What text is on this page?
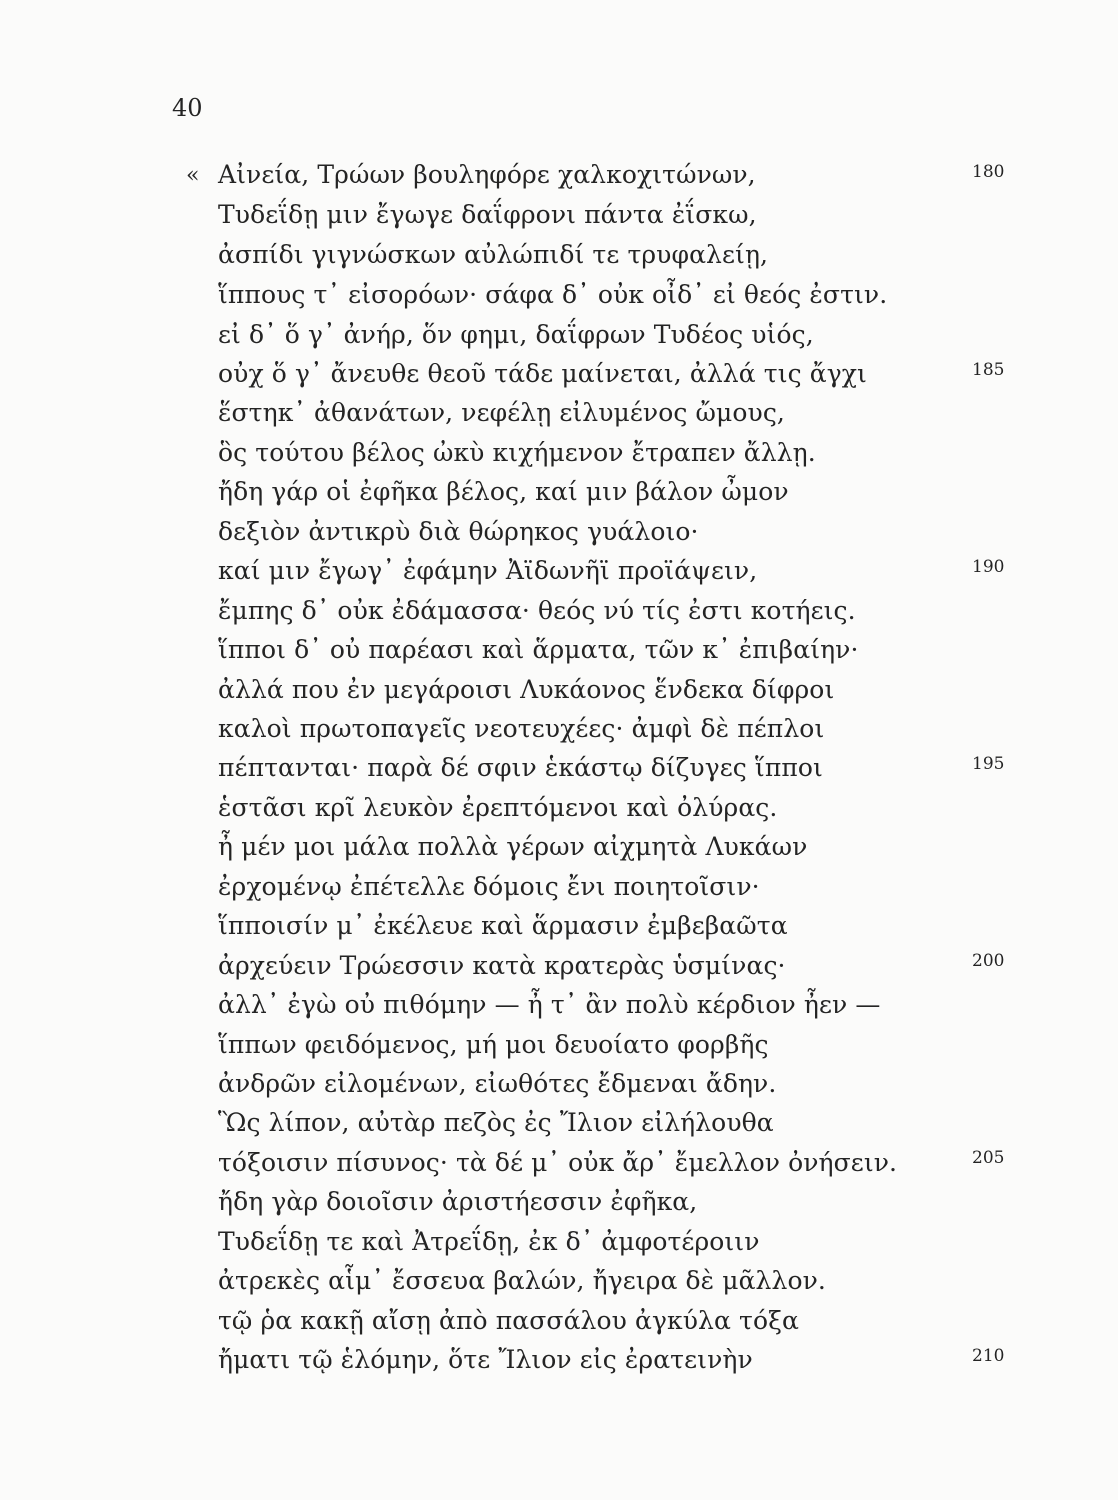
40
« Αἰνεία, Τρώων βουληφόρε χαλκοχιτώνων,
Τυδεΐδῃ μιν ἔγωγε δαΐφρονι πάντα ἐΐσκω,
ἀσπίδι γιγνώσκων αὐλώπιδί τε τρυφαλείῃ,
ἵππους τ᾽ εἰσορόων· σάφα δ᾽ οὐκ οἶδ᾽ εἰ θεός ἐστιν.
εἰ δ᾽ ὅ γ᾽ ἀνήρ, ὅν φημι, δαΐφρων Τυδέος υἱός,
οὐχ ὅ γ᾽ ἄνευθε θεοῦ τάδε μαίνεται, ἀλλά τις ἄγχι
ἕστηκ᾽ ἀθανάτων, νεφέλῃ εἰλυμένος ὤμους,
ὃς τούτου βέλος ὠκὺ κιχήμενον ἔτραπεν ἄλλῃ.
ἤδη γάρ οἱ ἐφῆκα βέλος, καί μιν βάλον ὦμον
δεξιὸν ἀντικρὺ διὰ θώρηκος γυάλοιο·
καί μιν ἔγωγ᾽ ἐφάμην Ἀϊδωνῆϊ προϊάψειν,
ἔμπης δ᾽ οὐκ ἐδάμασσα· θεός νύ τίς ἐστι κοτήεις.
ἵπποι δ᾽ οὐ παρέασι καὶ ἅρματα, τῶν κ᾽ ἐπιβαίην·
ἀλλά που ἐν μεγάροισι Λυκάονος ἕνδεκα δίφροι
καλοὶ πρωτοπαγεῖς νεοτευχέες· ἀμφὶ δὲ πέπλοι
πέπτανται· παρὰ δέ σφιν ἑκάστῳ δίζυγες ἵπποι
ἑστᾶσι κρῖ λευκὸν ἐρεπτόμενοι καὶ ὀλύρας.
ἦ μέν μοι μάλα πολλὰ γέρων αἰχμητὰ Λυκάων
ἐρχομένῳ ἐπέτελλε δόμοις ἔνι ποιητοῖσιν·
ἵπποισίν μ᾽ ἐκέλευε καὶ ἅρμασιν ἐμβεβαῶτα
ἀρχεύειν Τρώεσσιν κατὰ κρατερὰς ὑσμίνας·
ἀλλ᾽ ἐγὼ οὐ πιθόμην — ἦ τ᾽ ἂν πολὺ κέρδιον ἦεν —
ἵππων φειδόμενος, μή μοι δευοίατο φορβῆς
ἀνδρῶν εἰλομένων, εἰωθότες ἔδμεναι ἄδην.
Ὣς λίπον, αὐτὰρ πεζὸς ἐς Ἴλιον εἰλήλουθα
τόξοισιν πίσυνος· τὰ δέ μ᾽ οὐκ ἄρ᾽ ἔμελλον ὀνήσειν.
ἤδη γὰρ δοιοῖσιν ἀριστήεσσιν ἐφῆκα,
Τυδεΐδῃ τε καὶ Ἀτρεΐδῃ, ἐκ δ᾽ ἀμφοτέροιιν
ἀτρεκὲς αἷμ᾽ ἔσσευα βαλών, ἤγειρα δὲ μᾶλλον.
τῷ ῥα κακῇ αἴσῃ ἀπὸ πασσάλου ἀγκύλα τόξα
ἤματι τῷ ἑλόμην, ὅτε Ἴλιον εἰς ἐρατεινὴν
180
185
190
195
200
205
210
